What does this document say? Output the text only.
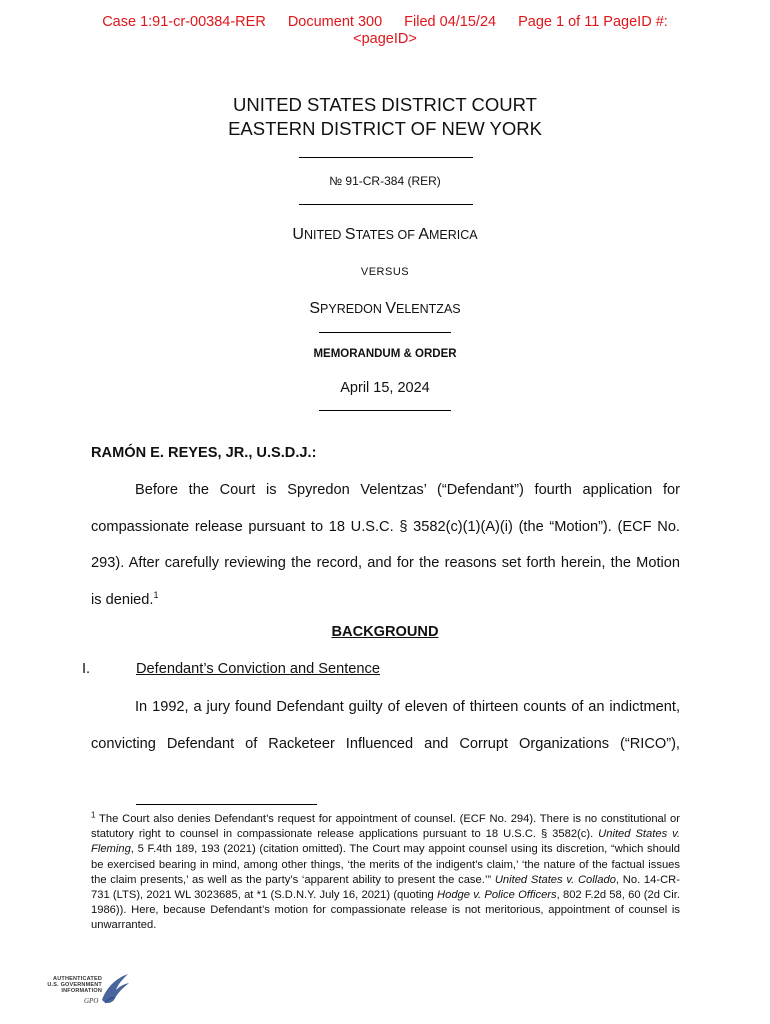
Case 1:91-cr-00384-RER Document 300 Filed 04/15/24 Page 1 of 11 PageID #:
<pageID>
UNITED STATES DISTRICT COURT
EASTERN DISTRICT OF NEW YORK
№ 91-CR-384 (RER)
UNITED STATES OF AMERICA
VERSUS
SPYREDON VELENTZAS
MEMORANDUM & ORDER
April 15, 2024
RAMÓN E. REYES, JR., U.S.D.J.:
Before the Court is Spyredon Velentzas’ (“Defendant”) fourth application for
compassionate release pursuant to 18 U.S.C. § 3582(c)(1)(A)(i) (the “Motion”). (ECF No.
293). After carefully reviewing the record, and for the reasons set forth herein, the Motion
is denied.$^1$
BACKGROUND
I.	Defendant’s Conviction and Sentence
In 1992, a jury found Defendant guilty of eleven of thirteen counts of an indictment,
convicting Defendant of Racketeer Influenced and Corrupt Organizations (“RICO”),
$^1$ The Court also denies Defendant’s request for appointment of counsel. (ECF No. 294). There is no constitutional or statutory right to counsel in compassionate release applications pursuant to 18 U.S.C. § 3582(c). United States v. Fleming, 5 F.4th 189, 193 (2021) (citation omitted). The Court may appoint counsel using its discretion, “which should be exercised bearing in mind, among other things, ‘the merits of the indigent’s claim,’ ‘the nature of the factual issues the claim presents,’ as well as the party’s ‘apparent ability to present the case.’” United States v. Collado, No. 14-CR-731 (LTS), 2021 WL 3023685, at *1 (S.D.N.Y. July 16, 2021) (quoting Hodge v. Police Officers, 802 F.2d 58, 60 (2d Cir. 1986)). Here, because Defendant’s motion for compassionate release is not meritorious, appointment of counsel is unwarranted.
AUTHENTICATED
U.S. GOVERNMENT
INFORMATION
GPO
